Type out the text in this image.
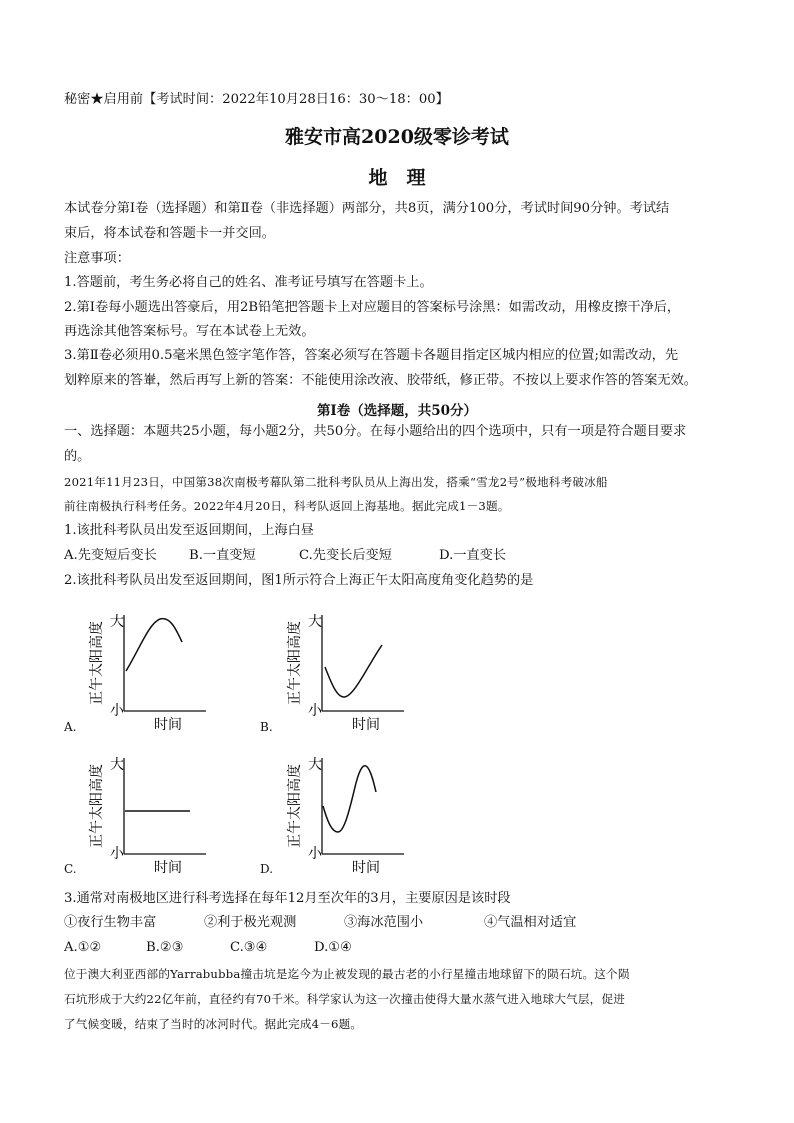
秘密★启用前【考试时间：2022年10月28日16：30～18：00】
雅安市高2020级零诊考试
地　理
本试卷分第Ⅰ卷（选择题）和第Ⅱ卷（非选择题）两部分，共8页，满分100分，考试时间90分钟。考试结
束后，将本试卷和答题卡一并交回。
注意事项：
1.答题前，考生务必将自己的姓名、准考证号填写在答题卡上。
2.第Ⅰ卷每小题选出答豪后，用2B铅笔把答题卡上对应题目的答案标号涂黑：如需改动，用橡皮擦干净后，
再选涂其他答案标号。写在本试卷上无效。
3.第Ⅱ卷必须用0.5毫米黑色签字笔作答，答案必须写在答题卡各题目指定区城内相应的位置;如需改动，先
划粹原来的答輋，然后再写上新的答案：不能使用涂改液、胶带纸，修正带。不按以上要求作答的答案无效。
第Ⅰ卷（选择题，共50分）
一、选择题：本题共25小题，每小题2分，共50分。在每小题给出的四个选项中，只有一项是符合题目要求
的。
2021年11月23日，中国第38次南极考幕队第二批科考队员从上海出发，搭乘“雪龙2号”极地科考破冰船
前往南极执行科考任务。2022年4月20日，科考队返回上海基地。据此完成1－3题。
1.该批科考队员出发至返回期间，上海白昼
A.先变短后变长 B.一直变短	C.先变长后变短	D.一直变长
2.该批科考队员出发至返回期间，图1所示符合上海正午太阳高度角变化趋势的是
大
小
时间
正午太阳高度
A.
大
小
时间
正午太阳高度
B.
大
小
时间
正午太阳高度
C.
大
小
时间
正午太阳高度
D.
3.通常对南极地区进行科考选择在每年12月至次年的3月，主要原因是该时段
①夜行生物丰富	②利于极光观测	③海冰范围小	④气温相对适宜
A.①②	B.②③	C.③④	D.①④
位于澳大利亚西部的Yarrabubba撞击坑是迄今为止被发现的最古老的小行星撞击地球留下的陨石坑。这个陨
石坑形成于大约22亿年前，直径约有70千米。科学家认为这一次撞击使得大量水蒸气进入地球大气层，促进
了气候变暖，结束了当时的冰河时代。据此完成4－6题。
